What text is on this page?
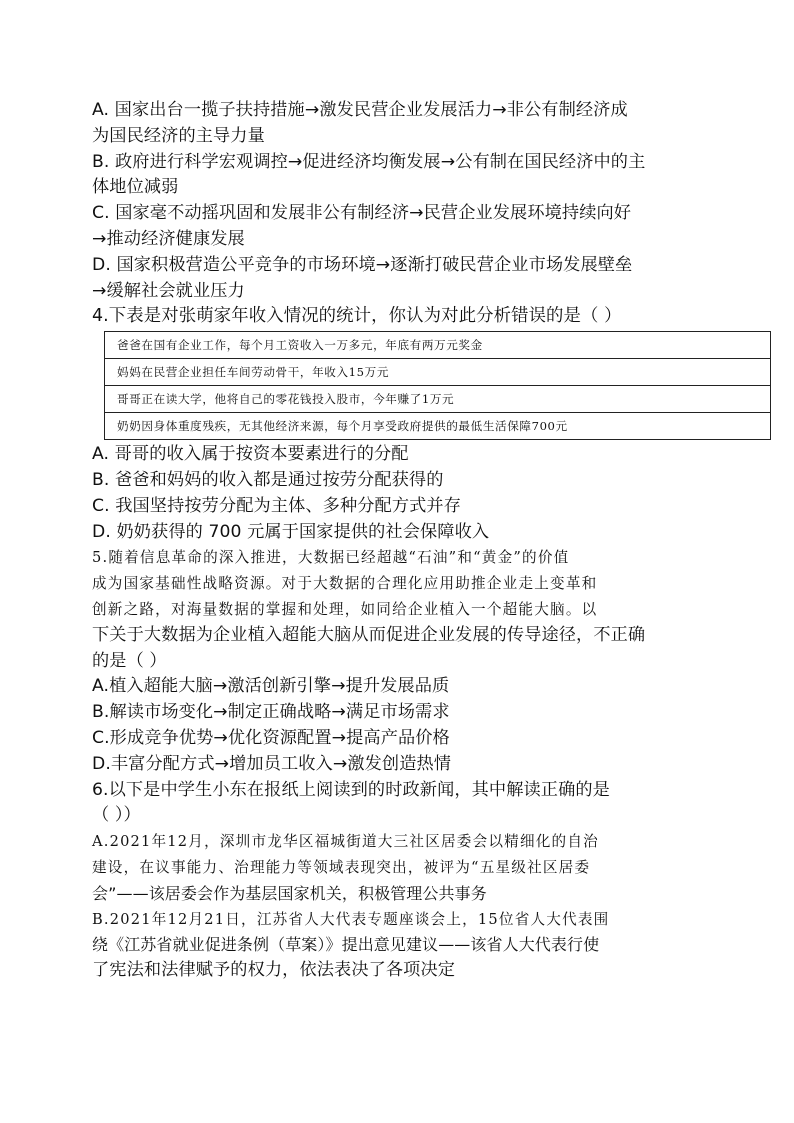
A. 国家出台一揽子扶持措施→激发民营企业发展活力→非公有制经济成
为国民经济的主导力量
B. 政府进行科学宏观调控→促进经济均衡发展→公有制在国民经济中的主
体地位减弱
C. 国家毫不动摇巩固和发展非公有制经济→民营企业发展环境持续向好
→推动经济健康发展
D. 国家积极营造公平竞争的市场环境→逐渐打破民营企业市场发展壁垒
→缓解社会就业压力
4.下表是对张萌家年收入情况的统计，你认为对此分析错误的是（ ）
爸爸在国有企业工作，每个月工资收入一万多元，年底有两万元奖金
妈妈在民营企业担任车间劳动骨干，年收入15万元
哥哥正在读大学，他将自己的零花钱投入股市，今年赚了1万元
奶奶因身体重度残疾，无其他经济来源，每个月享受政府提供的最低生活保障700元
A. 哥哥的收入属于按资本要素进行的分配
B. 爸爸和妈妈的收入都是通过按劳分配获得的
C. 我国坚持按劳分配为主体、多种分配方式并存
D. 奶奶获得的 700 元属于国家提供的社会保障收入
5.随着信息革命的深入推进，大数据已经超越“石油”和“黄金”的价值
成为国家基础性战略资源。对于大数据的合理化应用助推企业走上变革和
创新之路，对海量数据的掌握和处理，如同给企业植入一个超能大脑。以
下关于大数据为企业植入超能大脑从而促进企业发展的传导途径，不正确
的是（ ）
A.植入超能大脑→激活创新引擎→提升发展品质
B.解读市场变化→制定正确战略→满足市场需求
C.形成竞争优势→优化资源配置→提高产品价格
D.丰富分配方式→增加员工收入→激发创造热情
6.以下是中学生小东在报纸上阅读到的时政新闻，其中解读正确的是
（ ））
A.2021年12月，深圳市龙华区福城街道大三社区居委会以精细化的自治
建设，在议事能力、治理能力等领域表现突出，被评为“五星级社区居委
会”——该居委会作为基层国家机关，积极管理公共事务
B.2021年12月21日，江苏省人大代表专题座谈会上，15位省人大代表围
绕《江苏省就业促进条例（草案）》提出意见建议——该省人大代表行使
了宪法和法律赋予的权力，依法表决了各项决定
